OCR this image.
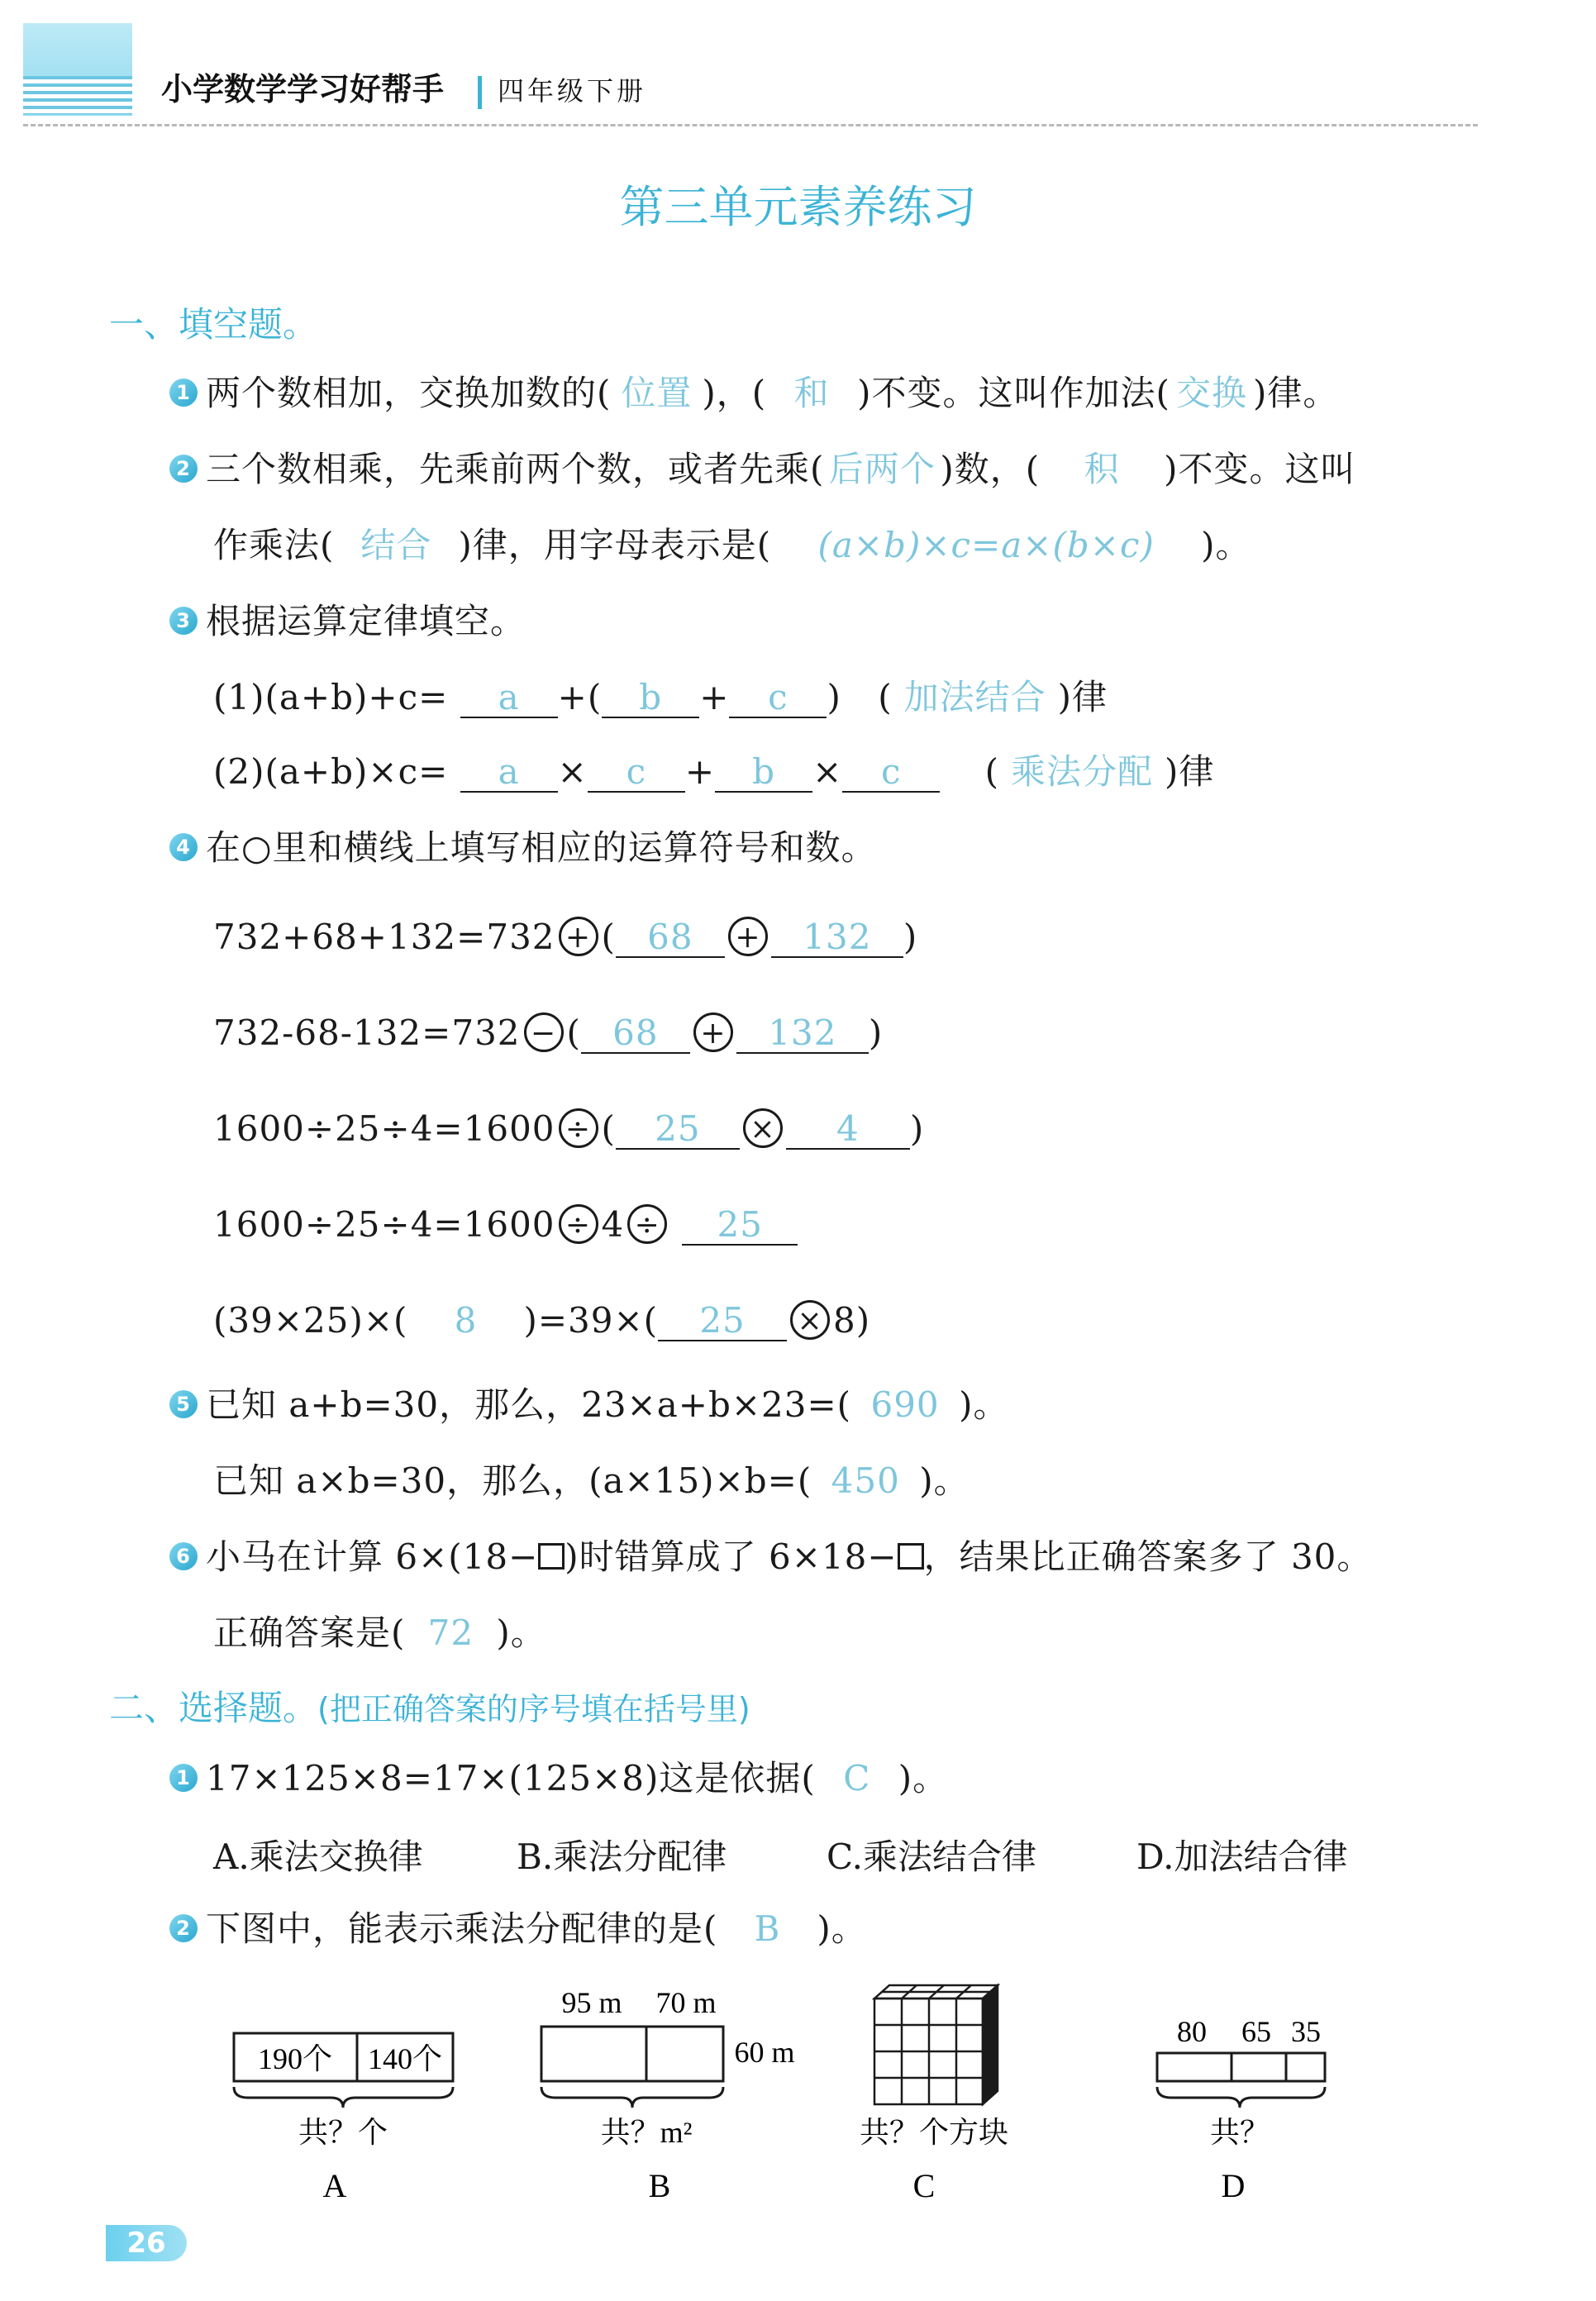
小学数学学习好帮手 四年级下册
第三单元素养练习
一、填空题。
1 两个数相加，交换加数的( 位置 )，( 和 )不变。这叫作加法( 交换 )律。
2 三个数相乘，先乘前两个数，或者先乘( 后两个 )数，( 积 )不变。这叫
作乘法( 结合 )律，用字母表示是( (a×b)×c=a×(b×c) )。
3 根据运算定律填空。
(1)(a+b)+c= a +( b + c ) ( 加法结合 )律
(2)(a+b)×c= a × c + b × c ( 乘法分配 )律
4 在○里和横线上填写相应的运算符号和数。
732+68+132=732 + ( 68 + 132 )
732-68-132=732 − ( 68 + 132 )
1600÷25÷4=1600 ÷ ( 25 × 4 )
1600÷25÷4=1600 ÷ 4 ÷ 25
(39×25)×( 8 )=39×( 25 × 8)
5 已知 a+b=30，那么，23×a+b×23=( 690 )。
已知 a×b=30，那么，(a×15)×b=( 450 )。
6 小马在计算 6×(18− )时错算成了 6×18− ，结果比正确答案多了 30。
正确答案是( 72 )。
二、选择题。(把正确答案的序号填在括号里)
1 17×125×8=17×(125×8)这是依据( C )。
A.乘法交换律	B.乘法分配律	C.乘法结合律	D.加法结合律
2 下图中，能表示乘法分配律的是( B )。
190个 140个
共？个
A
95 m 70 m
60 m
共？m²
B
共？个方块
C
80 65 35
共？
D
26
